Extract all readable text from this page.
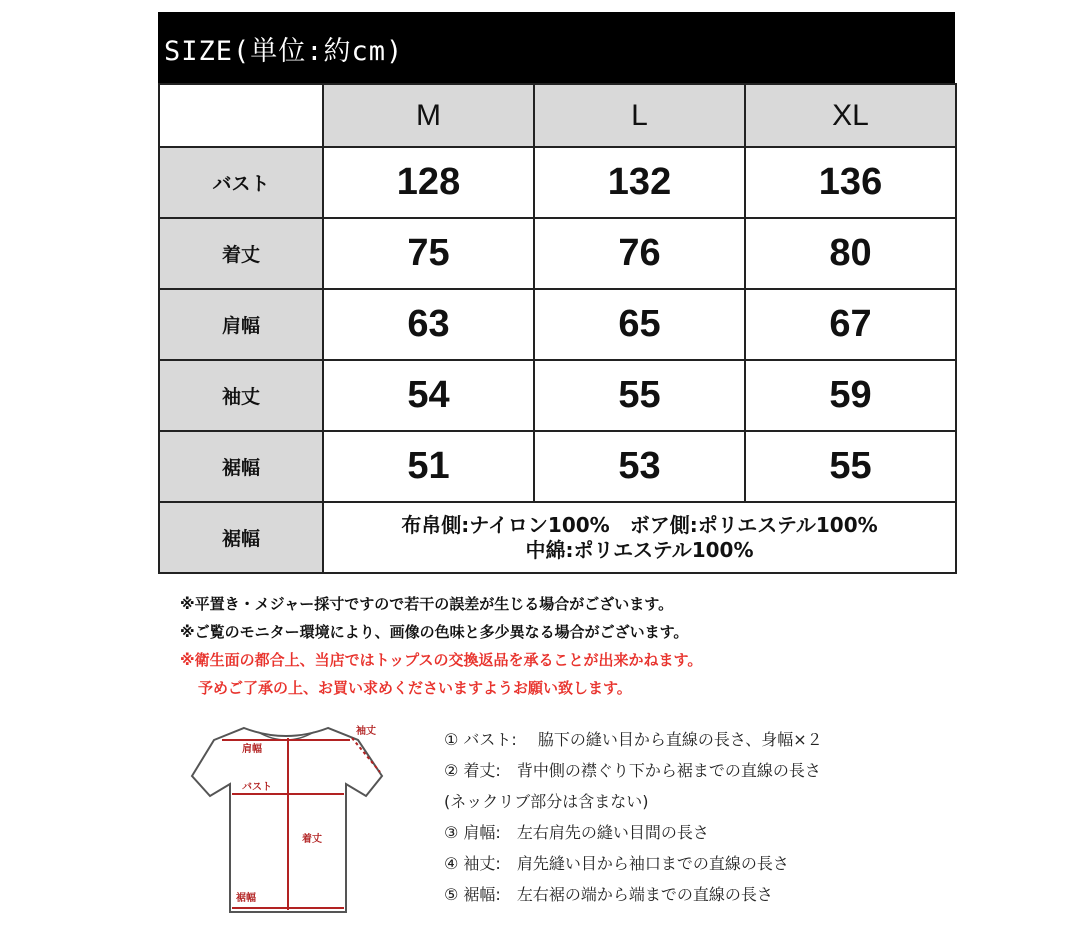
SIZE(単位:約cm)
	M	L	XL
バスト	128	132	136
着丈	75	76	80
肩幅	63	65	67
袖丈	54	55	59
裾幅	51	53	55
裾幅	布帛側:ナイロン100%　ボア側:ポリエステル100%
中綿:ポリエステル100%		
※平置き・メジャー採寸ですので若干の誤差が生じる場合がございます。
※ご覧のモニター環境により、画像の色味と多少異なる場合がございます。
※衛生面の都合上、当店ではトップスの交換返品を承ることが出来かねます。
予めご了承の上、お買い求めくださいますようお願い致します。
肩幅
バスト
着丈
裾幅
袖丈	① バスト:　 脇下の縫い目から直線の長さ、身幅×２
② 着丈:　背中側の襟ぐり下から裾までの直線の長さ
(ネックリブ部分は含まない)
③ 肩幅:　左右肩先の縫い目間の長さ
④ 袖丈:　肩先縫い目から袖口までの直線の長さ
⑤ 裾幅:　左右裾の端から端までの直線の長さ
